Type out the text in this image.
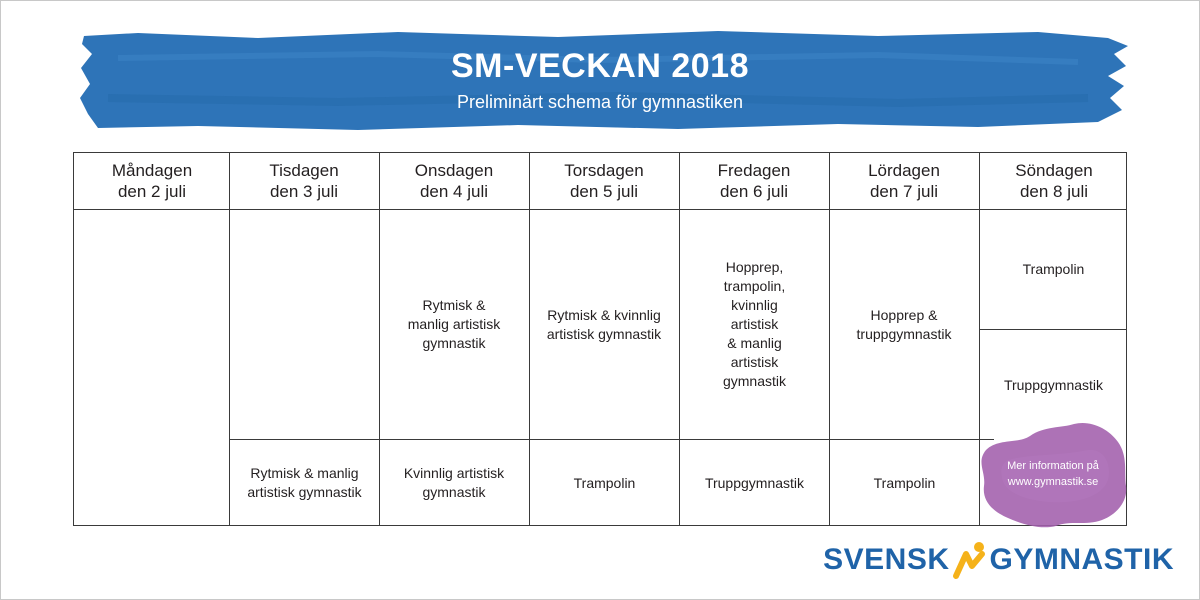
SM-VECKAN 2018
Preliminärt schema för gymnastiken
Måndagen
den 2 juli
Tisdagen
den 3 juli
Onsdagen
den 4 juli
Torsdagen
den 5 juli
Fredagen
den 6 juli
Lördagen
den 7 juli
Söndagen
den 8 juli
Rytmisk & manlig artistisk gymnastik
Rytmisk & kvinnlig artistisk gymnastik
Hopprep,
trampolin,
kvinnlig
artistisk
& manlig
artistisk
gymnastik
Hopprep & truppgymnastik
Trampolin
Truppgymnastik
Rytmisk & manlig artistisk gymnastik
Kvinnlig artistisk gymnastik
Trampolin	Truppgymnastik	Trampolin
Mer information på
www.gymnastik.se
SVENSK GYMNASTIK
